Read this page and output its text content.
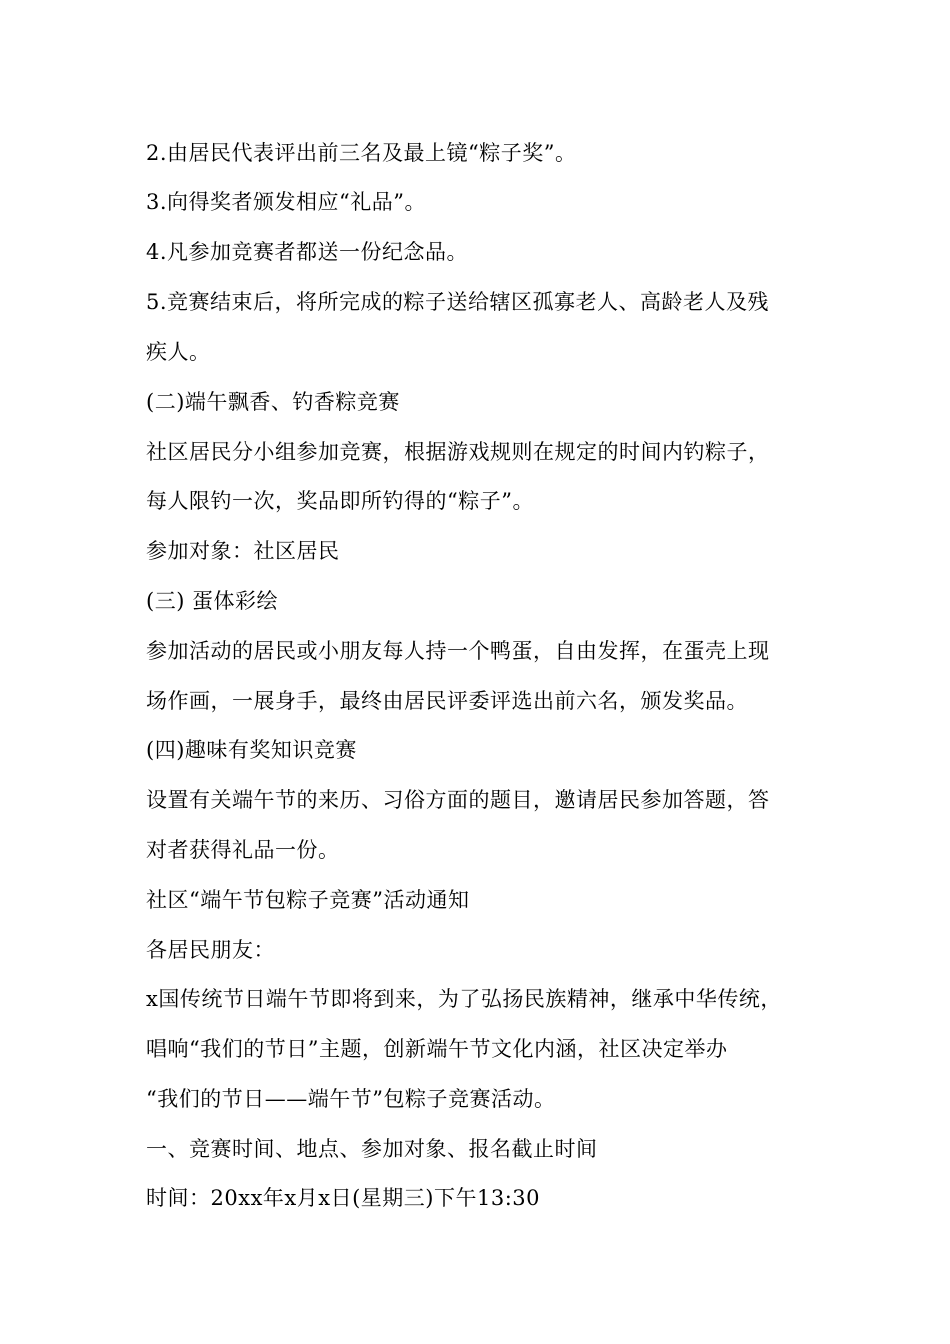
2.由居民代表评出前三名及最上镜“粽子奖”。
3.向得奖者颁发相应“礼品”。
4.凡参加竞赛者都送一份纪念品。
5.竞赛结束后，将所完成的粽子送给辖区孤寡老人、高龄老人及残
疾人。
(二)端午飘香、钓香粽竞赛
社区居民分小组参加竞赛，根据游戏规则在规定的时间内钓粽子，
每人限钓一次，奖品即所钓得的“粽子”。
参加对象：社区居民
(三) 蛋体彩绘
参加活动的居民或小朋友每人持一个鸭蛋，自由发挥，在蛋壳上现
场作画，一展身手，最终由居民评委评选出前六名，颁发奖品。
(四)趣味有奖知识竞赛
设置有关端午节的来历、习俗方面的题目，邀请居民参加答题，答
对者获得礼品一份。
社区“端午节包粽子竞赛”活动通知
各居民朋友：
x国传统节日端午节即将到来，为了弘扬民族精神，继承中华传统，
唱响“我们的节日”主题，创新端午节文化内涵，社区决定举办
“我们的节日——端午节”包粽子竞赛活动。
一、竞赛时间、地点、参加对象、报名截止时间
时间：20xx年x月x日(星期三)下午13:30
